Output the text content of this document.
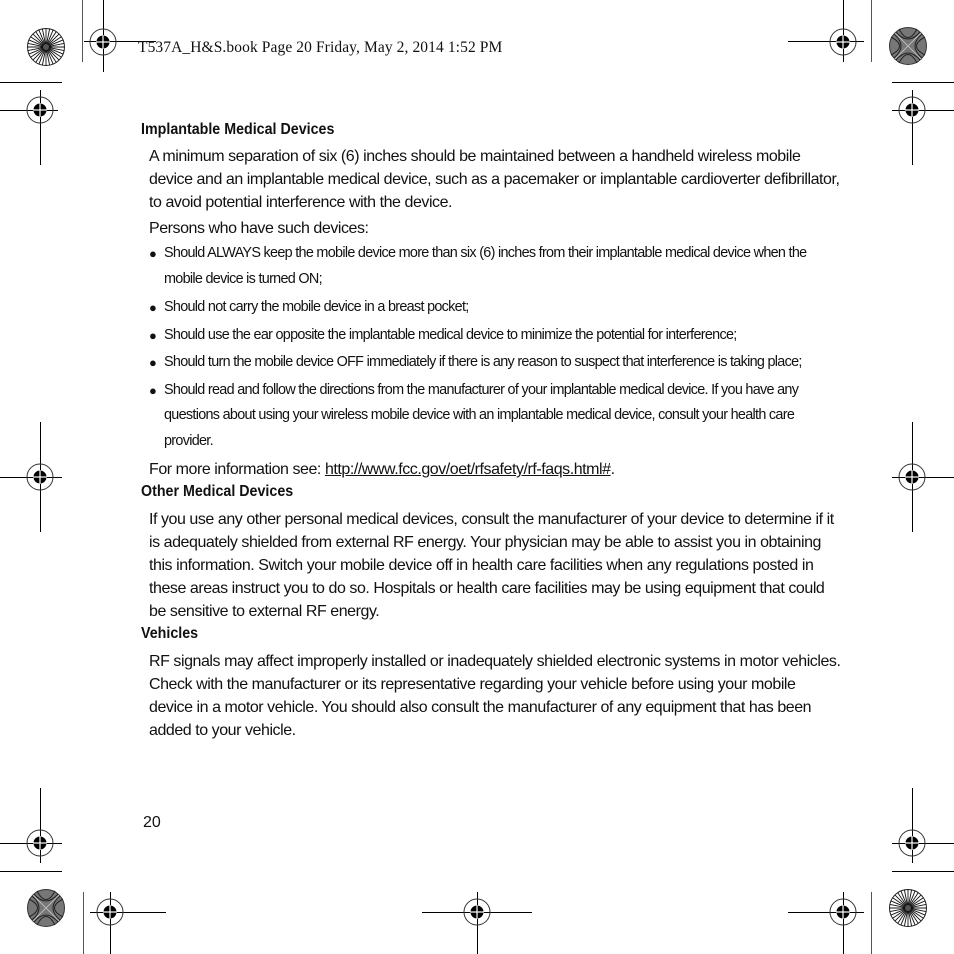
T537A_H&S.book Page 20 Friday, May 2, 2014 1:52 PM
Implantable Medical Devices

A minimum separation of six (6) inches should be maintained between a handheld wireless mobile device and an implantable medical device, such as a pacemaker or implantable cardioverter defibrillator, to avoid potential interference with the device.

Persons who have such devices:

● Should ALWAYS keep the mobile device more than six (6) inches from their implantable medical device when the mobile device is turned ON;
● Should not carry the mobile device in a breast pocket;
● Should use the ear opposite the implantable medical device to minimize the potential for interference;
● Should turn the mobile device OFF immediately if there is any reason to suspect that interference is taking place;
● Should read and follow the directions from the manufacturer of your implantable medical device. If you have any questions about using your wireless mobile device with an implantable medical device, consult your health care provider.

For more information see: http://www.fcc.gov/oet/rfsafety/rf-faqs.html#.

Other Medical Devices

If you use any other personal medical devices, consult the manufacturer of your device to determine if it is adequately shielded from external RF energy. Your physician may be able to assist you in obtaining this information. Switch your mobile device off in health care facilities when any regulations posted in these areas instruct you to do so. Hospitals or health care facilities may be using equipment that could be sensitive to external RF energy.

Vehicles

RF signals may affect improperly installed or inadequately shielded electronic systems in motor vehicles. Check with the manufacturer or its representative regarding your vehicle before using your mobile device in a motor vehicle. You should also consult the manufacturer of any equipment that has been added to your vehicle.

20
